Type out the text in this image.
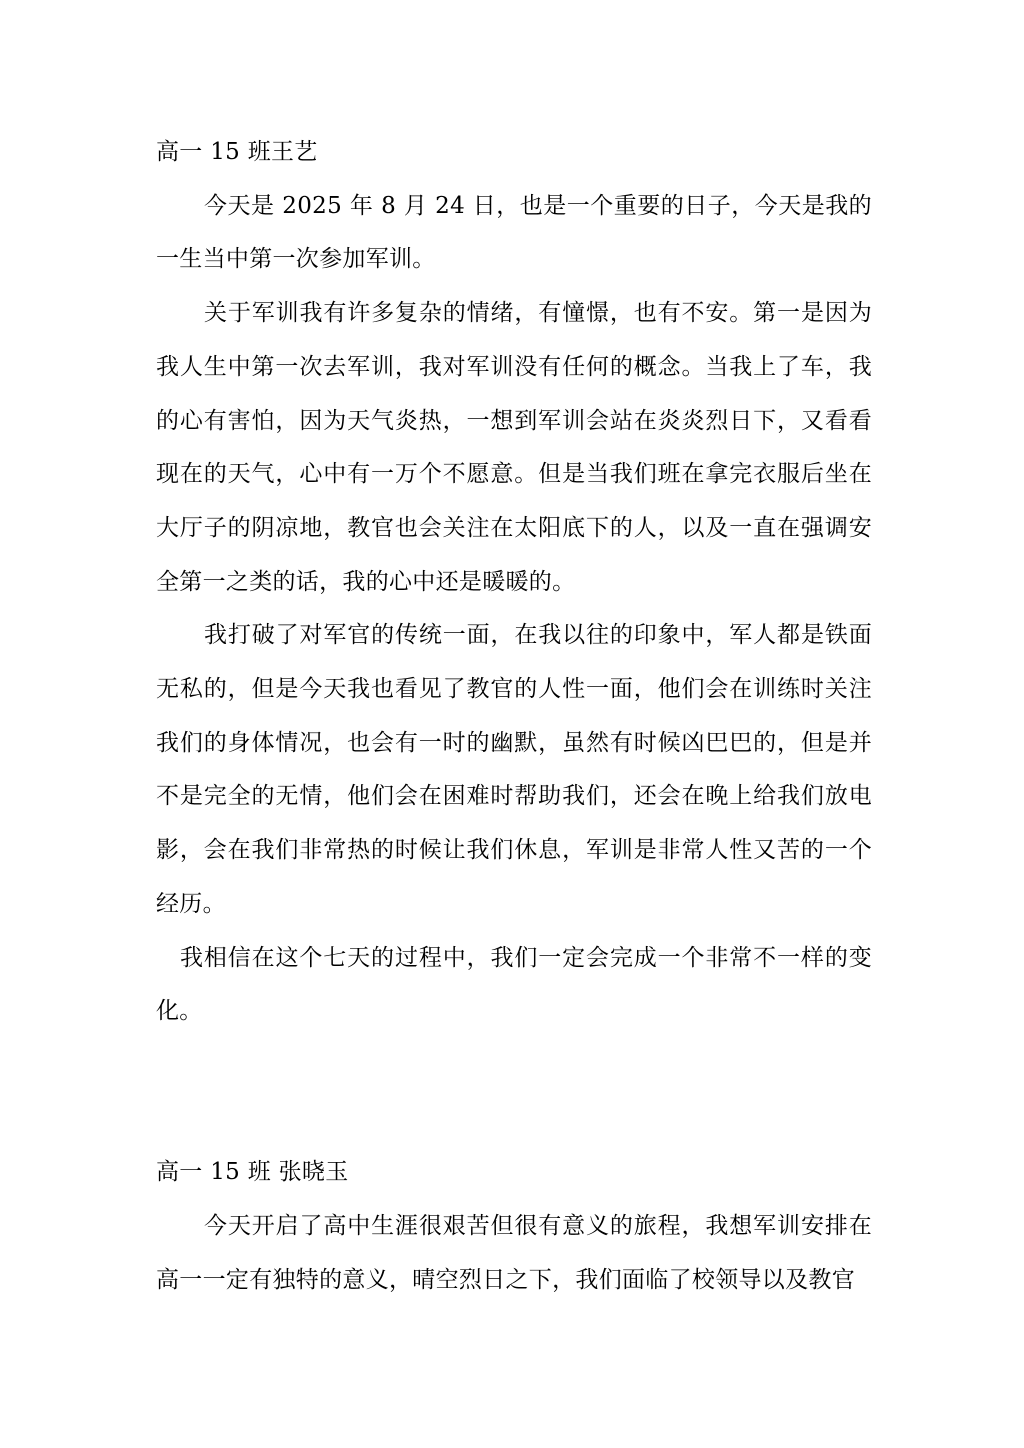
高一 15 班王艺

今天是 2025 年 8 月 24 日，也是一个重要的日子，今天是我的一生当中第一次参加军训。

关于军训我有许多复杂的情绪，有憧憬，也有不安。第一是因为我人生中第一次去军训，我对军训没有任何的概念。当我上了车，我的心有害怕，因为天气炎热，一想到军训会站在炎炎烈日下，又看看现在的天气，心中有一万个不愿意。但是当我们班在拿完衣服后坐在大厅子的阴凉地，教官也会关注在太阳底下的人，以及一直在强调安全第一之类的话，我的心中还是暖暖的。

我打破了对军官的传统一面，在我以往的印象中，军人都是铁面无私的，但是今天我也看见了教官的人性一面，他们会在训练时关注我们的身体情况，也会有一时的幽默，虽然有时候凶巴巴的，但是并不是完全的无情，他们会在困难时帮助我们，还会在晚上给我们放电影，会在我们非常热的时候让我们休息，军训是非常人性又苦的一个经历。

我相信在这个七天的过程中，我们一定会完成一个非常不一样的变化。

高一 15 班 张晓玉

今天开启了高中生涯很艰苦但很有意义的旅程，我想军训安排在高一一定有独特的意义，晴空烈日之下，我们面临了校领导以及教官
